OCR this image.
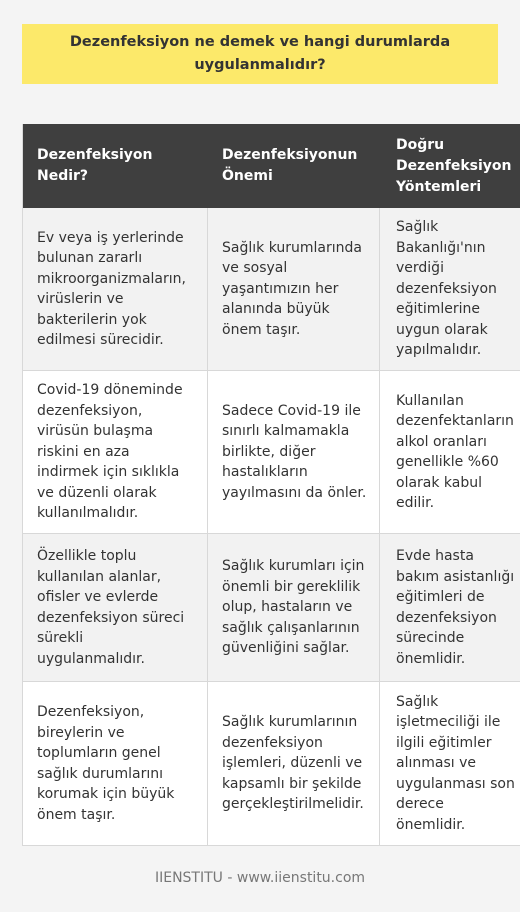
Dezenfeksiyon ne demek ve hangi durumlarda uygulanmalıdır?
Dezenfeksiyon Nedir?
Dezenfeksiyonun Önemi
Doğru Dezenfeksiyon Yöntemleri
Ev veya iş yerlerinde bulunan zararlı mikroorganizmaların, virüslerin ve bakterilerin yok edilmesi sürecidir.
Sağlık kurumlarında ve sosyal yaşantımızın her alanında büyük önem taşır.
Sağlık Bakanlığı'nın verdiği dezenfeksiyon eğitimlerine uygun olarak yapılmalıdır.
Covid-19 döneminde dezenfeksiyon, virüsün bulaşma riskini en aza indirmek için sıklıkla ve düzenli olarak kullanılmalıdır.
Sadece Covid-19 ile sınırlı kalmamakla birlikte, diğer hastalıkların yayılmasını da önler.
Kullanılan dezenfektanların alkol oranları genellikle %60 olarak kabul edilir.
Özellikle toplu kullanılan alanlar, ofisler ve evlerde dezenfeksiyon süreci sürekli uygulanmalıdır.
Sağlık kurumları için önemli bir gereklilik olup, hastaların ve sağlık çalışanlarının güvenliğini sağlar.
Evde hasta bakım asistanlığı eğitimleri de dezenfeksiyon sürecinde önemlidir.
Dezenfeksiyon, bireylerin ve toplumların genel sağlık durumlarını korumak için büyük önem taşır.
Sağlık kurumlarının dezenfeksiyon işlemleri, düzenli ve kapsamlı bir şekilde gerçekleştirilmelidir.
Sağlık işletmeciliği ile ilgili eğitimler alınması ve uygulanması son derece önemlidir.
IIENSTITU - www.iienstitu.com
